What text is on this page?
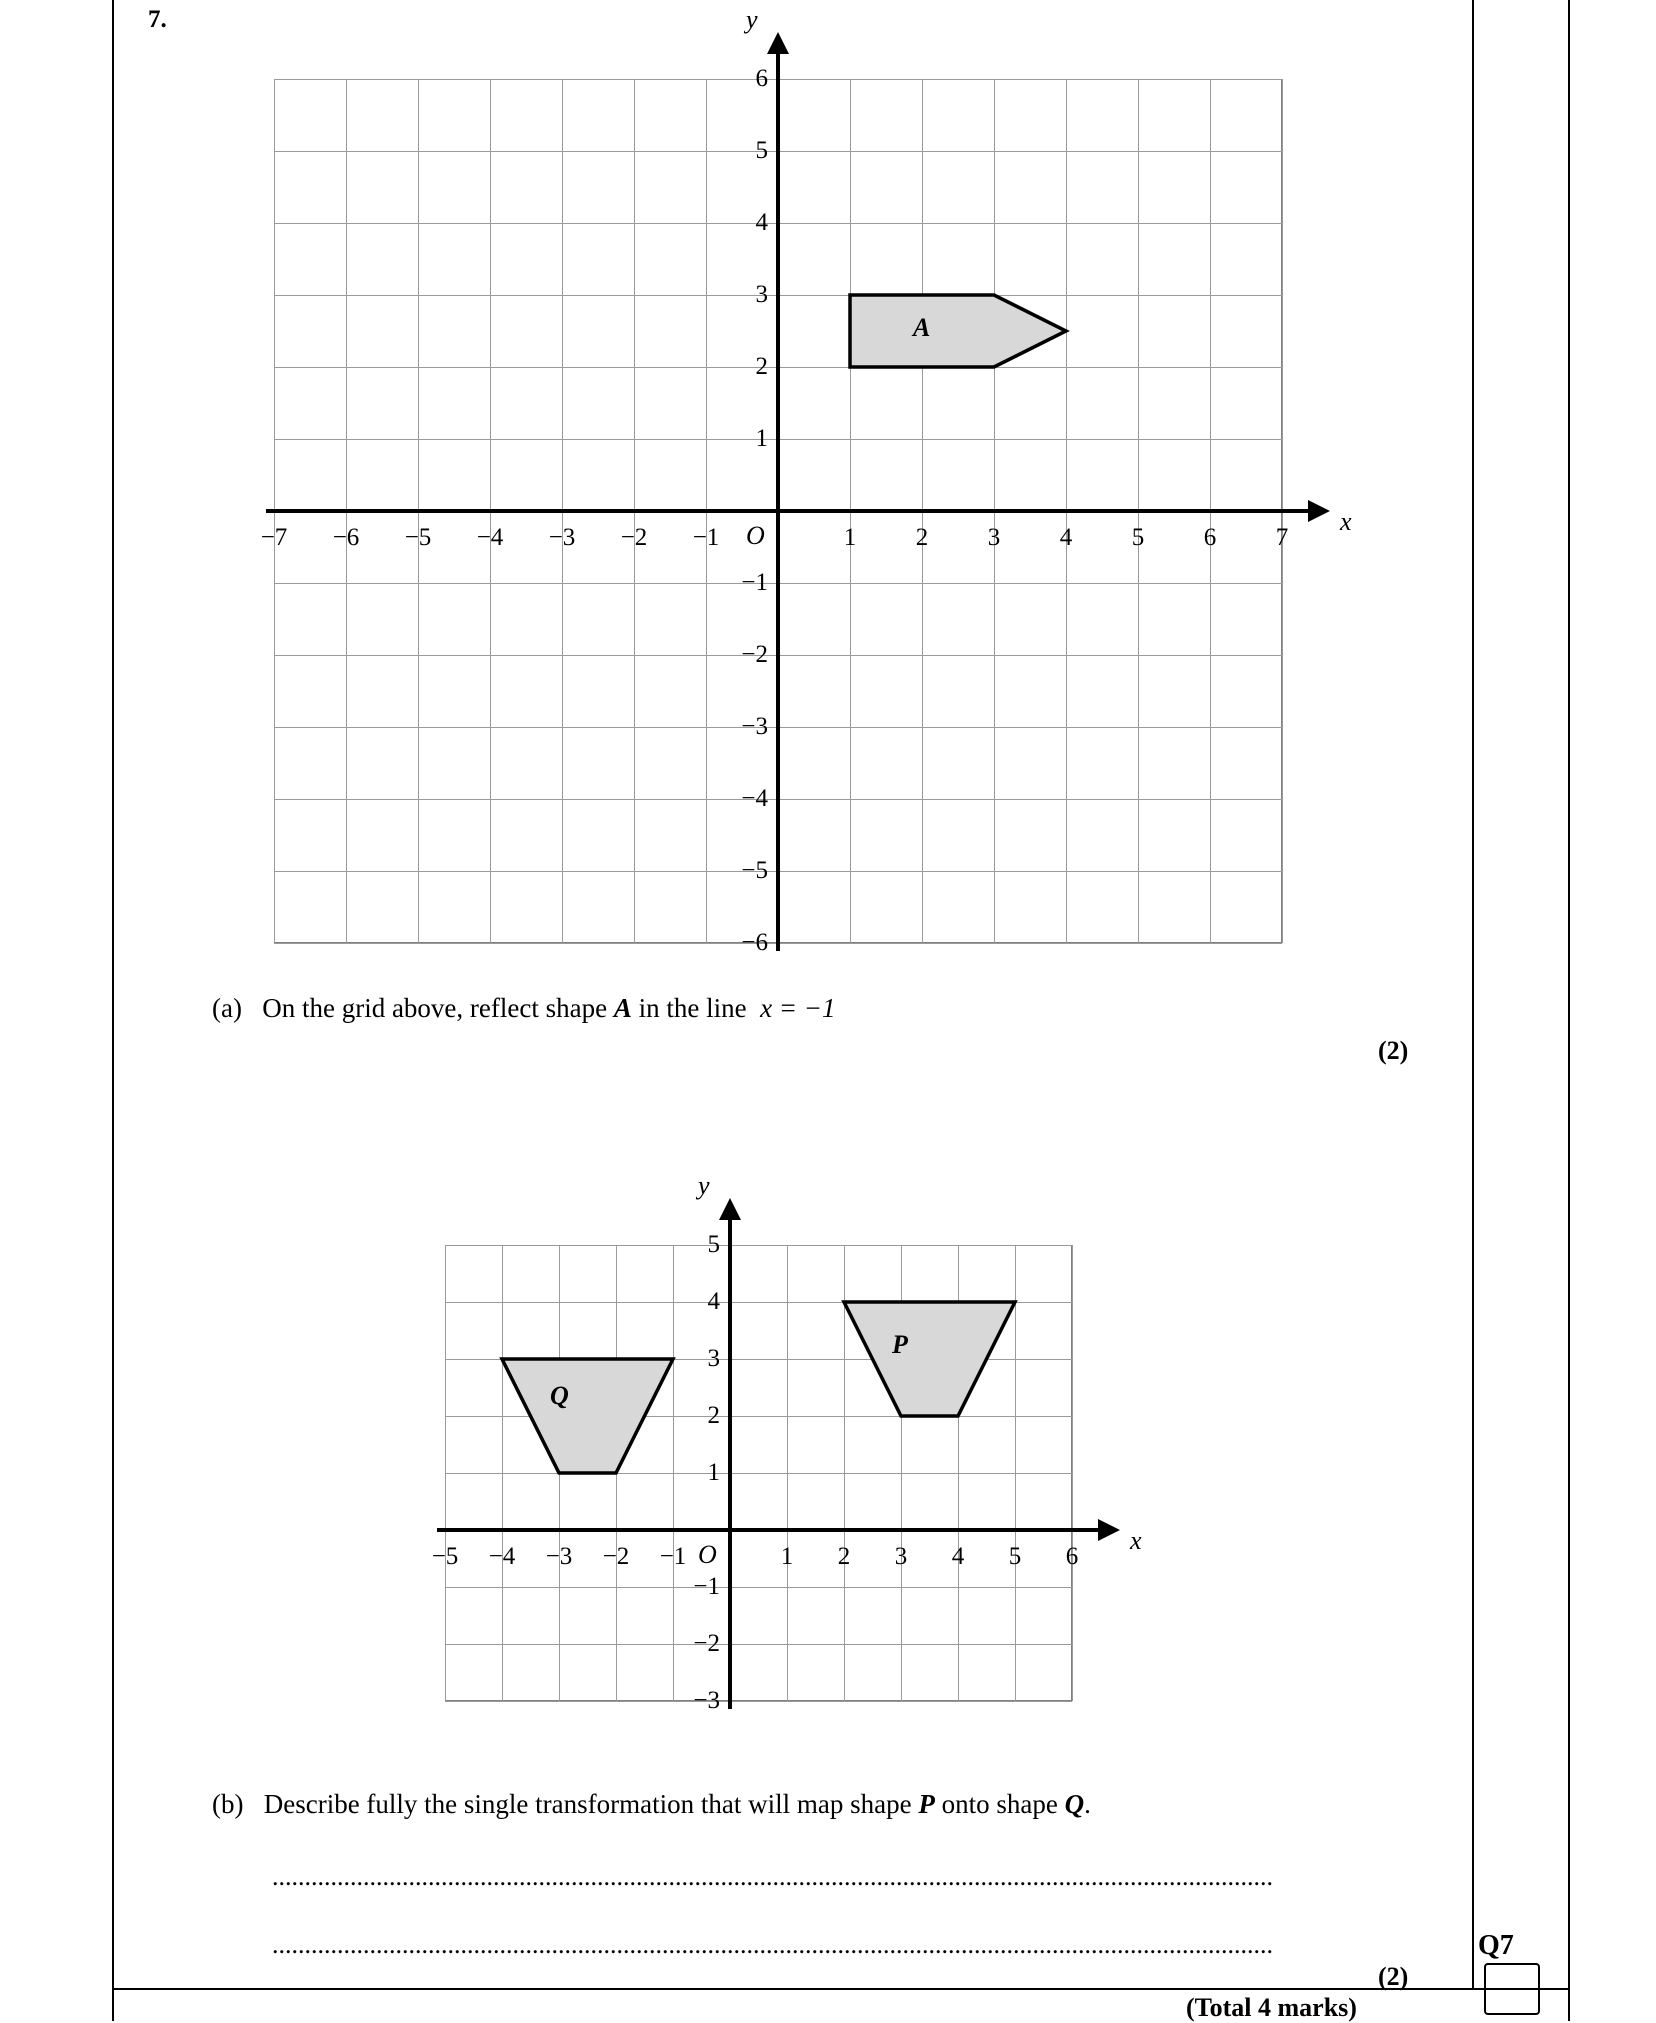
7.
−7 −6 −5 −4 −3 −2 −1	1	2	3	4	5	6	7
6
5
4
3
2
1
−1
−2
−3
−4
−5
−6
O	x
y
A
(a) On the grid above, reflect shape A in the line  x = −1
(2)
−5 −4 −3 −2 −1	1	2	3	4	5	6
5
4
3
2
1
−1
−2
−3
O	x
y
Q
P
(b) Describe fully the single transformation that will map shape P onto shape Q.
..........................................................................................................................................................
..........................................................................................................................................................
(2)
(Total 4 marks)
Q7
